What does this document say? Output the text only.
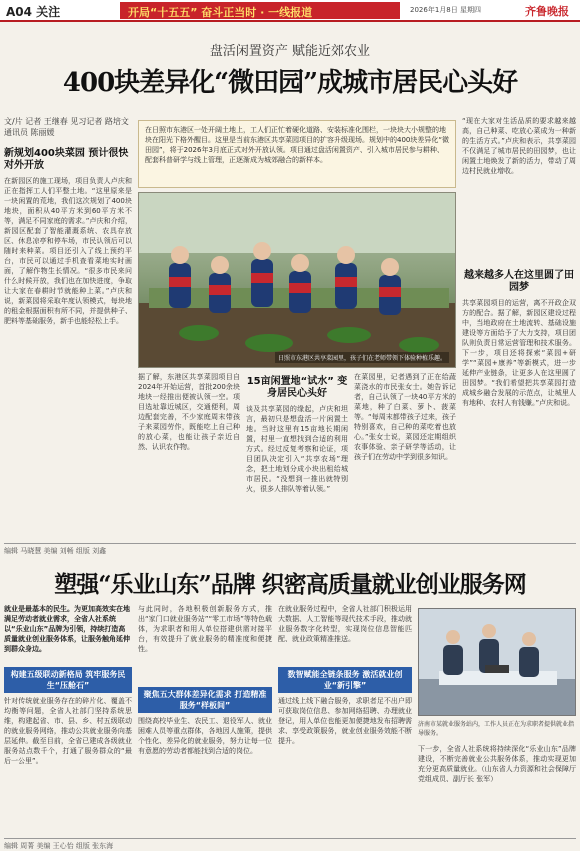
A04 关注	开局“十五五” 奋斗正当时 · 一线报道	2026年1月8日 星期四	齐鲁晚报
盘活闲置资产 赋能近郊农业
400块差异化“微田园”成城市居民心头好
文/片 记者 王继春 见习记者 路培文 通讯员 陈丽媛	在日照市东港区一处开阔土地上，工人们正忙着硬化道路、安装标准化围栏，一块块大小规整的地块在阳光下格外醒目。这里是当前东港区共享菜园项目的扩容升级现场。规划中的400块差异化“微田园”，将于2026年3月底正式对外开放认领。项目通过盘活闲置资产、引入城市居民参与耕种、配套科普研学与线上管理，正逐渐成为城郊融合的新样本。
新规划400块菜园 预计很快对外开放
在新园区的施工现场，项目负责人卢庆和正在指挥工人们平整土地。“这里原来是一块闲置的荒地，我们这次规划了400块地块，面积从40平方米到60平方米不等，满足不同家庭的需求。”卢庆和介绍，新园区配套了智能灌溉系统、农具存放区、休息凉亭和停车场，市民认领后可以随时来种菜。项目还引入了线上预约平台，市民可以通过手机查看菜地实时画面，了解作物生长情况。“很多市民来问什么时候开放，我们也在加快进度，争取让大家在春耕时节就能种上菜。”卢庆和说，新菜园将采取年度认领模式，每块地的租金根据面积有所不同，并提供种子、肥料等基础服务，新手也能轻松上手。
日照市东港区共享菜园里，孩子们在老师带领下体验种植乐趣。
据了解，东港区共享菜园项目自2024年开始运营，首批200余块地块一经推出便被认领一空。项目选址靠近城区，交通便利，周边配套完善，不少家庭周末带孩子来菜园劳作，既能吃上自己种的放心菜，也能让孩子亲近自然、认识农作物。
15亩闲置地“试水” 变身居民心头好
谈及共享菜园的缘起，卢庆和坦言，最初只是想盘活一片闲置土地。当时这里有15亩地长期闲置，村里一直想找到合适的利用方式。经过反复考察和论证，项目团队决定引入“共享农场”理念，把土地划分成小块出租给城市居民。“没想到一推出就特别火，很多人排队等着认领。”
在菜园里，记者遇到了正在给蔬菜浇水的市民张女士。她告诉记者，自己认领了一块40平方米的菜地，种了白菜、萝卜、菠菜等。“每周末都带孩子过来，孩子特别喜欢，自己种的菜吃着也放心。”张女士说，菜园还定期组织农事体验、亲子研学等活动，让孩子们在劳动中学到很多知识。
“现在大家对生活品质的要求越来越高，自己种菜、吃放心菜成为一种新的生活方式。”卢庆和表示，共享菜园不仅满足了城市居民的田园梦，也让闲置土地焕发了新的活力，带动了周边村民就业增收。
越来越多人在这里圆了田园梦
共享菜园项目的运营，离不开政企双方的配合。据了解，新园区建设过程中，当地政府在土地流转、基础设施建设等方面给予了大力支持，项目团队则负责日常运营管理和技术服务。下一步，项目还将探索“菜园+研学”“菜园+康养”等新模式，进一步延伸产业链条，让更多人在这里圆了田园梦。“我们希望把共享菜园打造成城乡融合发展的示范点，让城里人有地种、农村人有钱赚。”卢庆和说。
编辑 马晓慧 美编 刘畅 组版 刘鑫
塑强“乐业山东”品牌 织密高质量就业创业服务网
就业是最基本的民生。为更加高效实在地满足劳动者就业需求，全省人社系统以“乐业山东”品牌为引领，持续打造高质量就业创业服务体系，让服务触角延伸到群众身边。
构建五级联动新格局 筑牢服务民生“压舱石”
针对传统就业服务存在的碎片化、覆盖不均衡等问题，全省人社部门坚持系统思维，构建起省、市、县、乡、村五级联动的就业服务网络，推动公共就业服务向基层延伸。截至目前，全省已建成各级就业服务站点数千个，打通了服务群众的“最后一公里”。
与此同时，各地积极创新服务方式，推出“家门口就业服务站”“零工市场”等特色载体，为求职者和用人单位搭建供需对接平台，有效提升了就业服务的精准度和便捷性。
聚焦五大群体差异化需求 打造精准服务“样板间”
围绕高校毕业生、农民工、退役军人、就业困难人员等重点群体，各地因人施策，提供个性化、差异化的就业服务，努力让每一位有意愿的劳动者都能找到合适的岗位。
在就业服务过程中，全省人社部门积极运用大数据、人工智能等现代技术手段，推动就业服务数字化转型，实现岗位信息智能匹配、就业政策精准推送。
数智赋能全链条服务 激活就业创业“新引擎”
通过线上线下融合服务，求职者足不出户即可获取岗位信息、参加网络招聘、办理就业登记，用人单位也能更加便捷地发布招聘需求、享受政策服务，就业创业服务效能不断提升。
济南市某就业服务站内，工作人员正在为求职者提供就业指导服务。
下一步，全省人社系统将持续深化“乐业山东”品牌建设，不断完善就业公共服务体系，推动实现更加充分更高质量就业。（山东省人力资源和社会保障厅党组成员、副厅长 张军）
编辑 周菁 美编 王心怡 组版 张东海
